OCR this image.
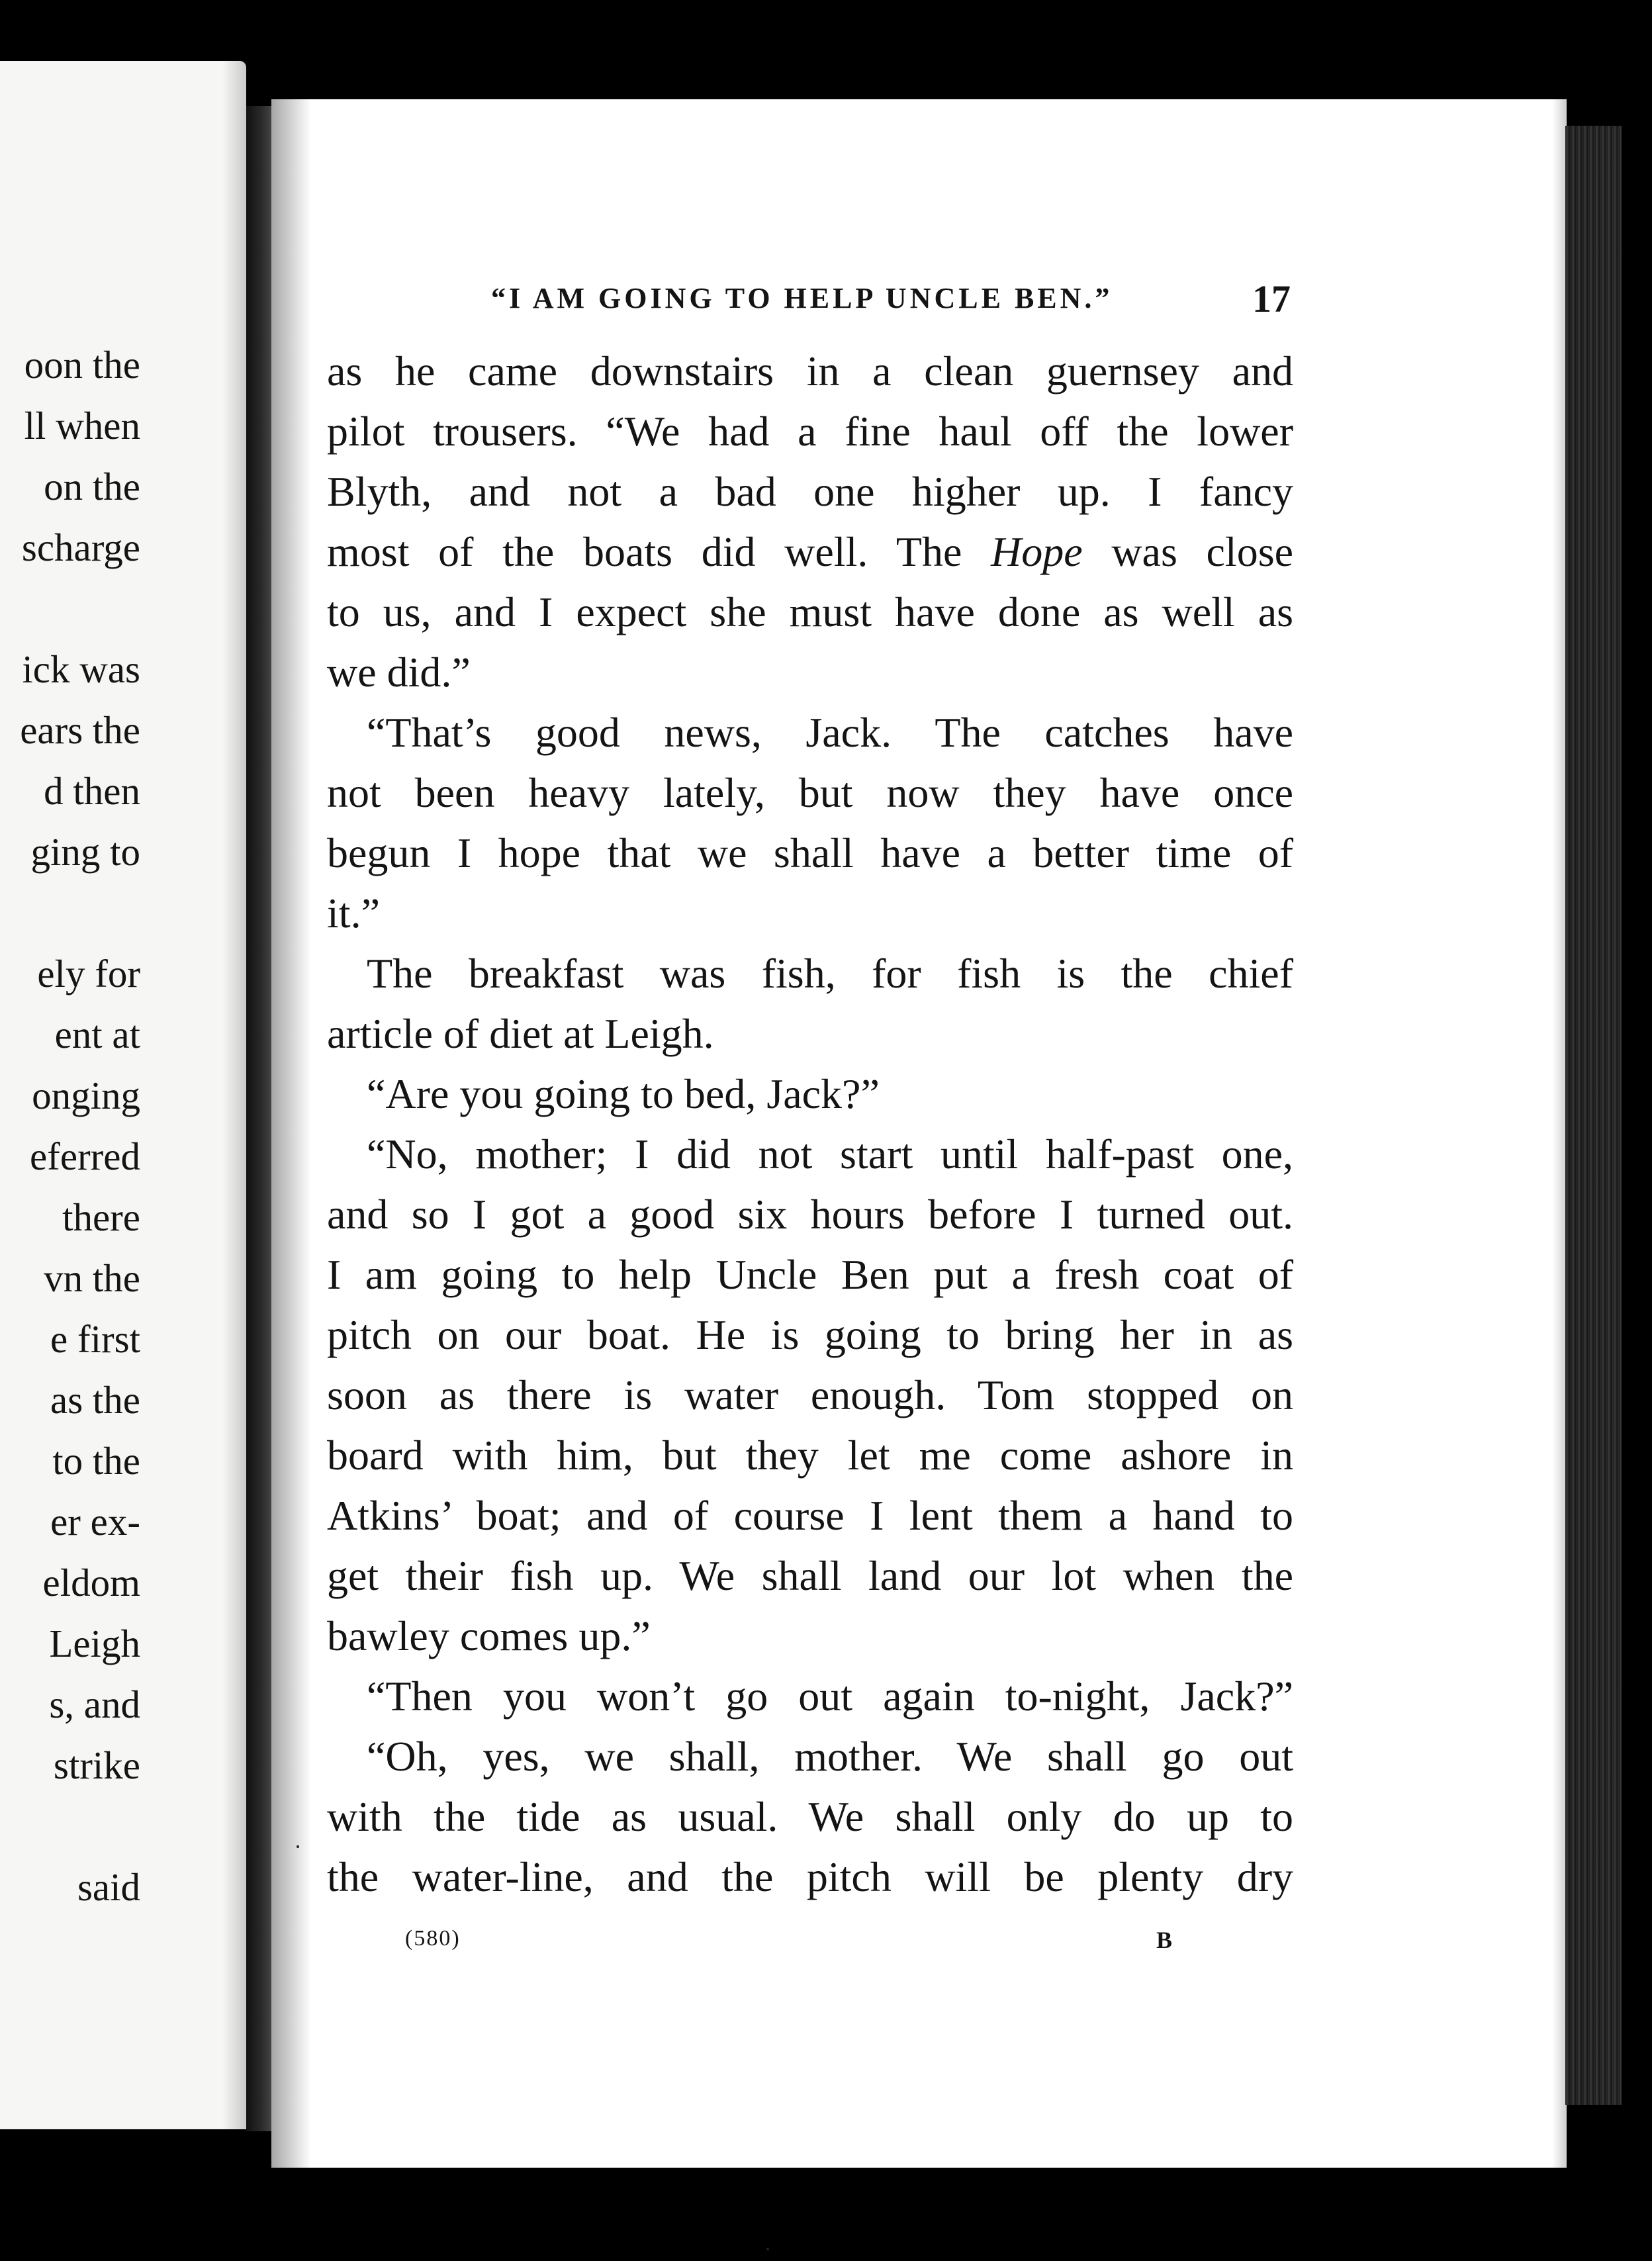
oon the
ll when
on the
scharge
ick was
ears the
d then
ging to
ely for
ent at
onging
eferred
there
vn the
e first
as the
to the
er ex-
eldom
Leigh
s, and
strike
said
“I AM GOING TO HELP UNCLE BEN.”	17
as he came downstairs in a clean guernsey and
pilot trousers. “We had a fine haul off the lower
Blyth, and not a bad one higher up. I fancy
most of the boats did well. The Hope was close
to us, and I expect she must have done as well as
we did.”
“That’s good news, Jack. The catches have
not been heavy lately, but now they have once
begun I hope that we shall have a better time of
it.”
The breakfast was fish, for fish is the chief
article of diet at Leigh.
“Are you going to bed, Jack?”
“No, mother; I did not start until half-past one,
and so I got a good six hours before I turned out.
I am going to help Uncle Ben put a fresh coat of
pitch on our boat. He is going to bring her in as
soon as there is water enough. Tom stopped on
board with him, but they let me come ashore in
Atkins’ boat; and of course I lent them a hand to
get their fish up. We shall land our lot when the
bawley comes up.”
“Then you won’t go out again to-night, Jack?”
“Oh, yes, we shall, mother. We shall go out
with the tide as usual. We shall only do up to
the water-line, and the pitch will be plenty dry
(580)	B
